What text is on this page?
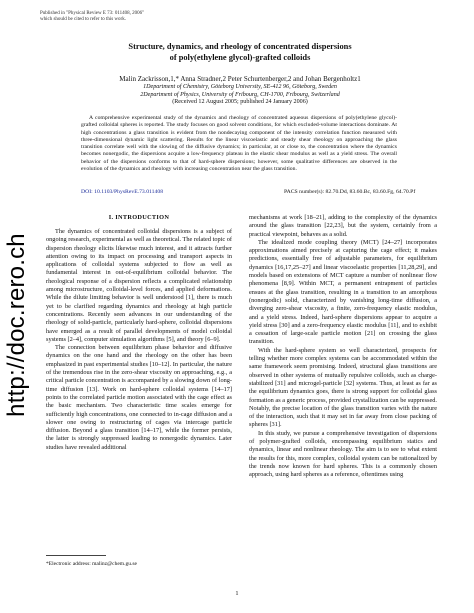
Published in "Physical Review E 73: 011408, 2006"
which should be cited to refer to this work.
http://doc.rero.ch
Structure, dynamics, and rheology of concentrated dispersions
of poly(ethylene glycol)-grafted colloids
Malin Zackrisson,1,* Anna Stradner,2 Peter Schurtenberger,2 and Johan Bergenholtz1
1Department of Chemistry, Göteborg University, SE-412 96, Göteborg, Sweden
2Department of Physics, University of Fribourg, CH-1700, Fribourg, Switzerland
(Received 12 August 2005; published 24 January 2006)
A comprehensive experimental study of the dynamics and rheology of concentrated aqueous dispersions of poly(ethylene glycol)-grafted colloidal spheres is reported. The study focuses on good solvent conditions, for which excluded-volume interactions dominate. At high concentrations a glass transition is evident from the nondecaying component of the intensity correlation function measured with three-dimensional dynamic light scattering. Results for the linear viscoelastic and steady shear rheology on approaching the glass transition correlate well with the slowing of the diffusive dynamics; in particular, at or close to, the concentration where the dynamics becomes nonergodic, the dispersions acquire a low-frequency plateau in the elastic shear modulus as well as a yield stress. The overall behavior of the dispersions conforms to that of hard-sphere dispersions; however, some qualitative differences are observed in the evolution of the dynamics and rheology with increasing concentration near the glass transition.
DOI: 10.1103/PhysRevE.73.011408	PACS number(s): 82.70.Dd, 83.60.Bc, 83.60.Fg, 64.70.Pf
I. INTRODUCTION

The dynamics of concentrated colloidal dispersions is a subject of ongoing research, experimental as well as theoretical. The related topic of dispersion rheology elicits likewise much interest, and it attracts further attention owing to its impact on processing and transport aspects in applications of colloidal systems subjected to flow as well as fundamental interest in out-of-equilibrium colloidal behavior. The rheological response of a dispersion reflects a complicated relationship among microstructure, colloidal-level forces, and applied deformations. While the dilute limiting behavior is well understood [1], there is much yet to be clarified regarding dynamics and rheology at high particle concentrations. Recently seen advances in our understanding of the rheology of solid-particle, particularly hard-sphere, colloidal dispersions have emerged as a result of parallel developments of model colloidal systems [2–4], computer simulation algorithms [5], and theory [6–9].

The connection between equilibrium phase behavior and diffusive dynamics on the one hand and the rheology on the other has been emphasized in past experimental studies [10–12]. In particular, the nature of the tremendous rise in the zero-shear viscosity on approaching, e.g., a critical particle concentration is accompanied by a slowing down of long-time diffusion [13]. Work on hard-sphere colloidal systems [14–17] points to the correlated particle motion associated with the cage effect as the basic mechanism. Two characteristic time scales emerge for sufficiently high concentrations, one connected to in-cage diffusion and a slower one owing to restructuring of cages via intercage particle diffusion. Beyond a glass transition [14–17], while the former persists, the latter is strongly suppressed leading to nonergodic dynamics. Later studies have revealed additional

mechanisms at work [18–21], adding to the complexity of the dynamics around the glass transition [22,23], but the system, certainly from a practical viewpoint, behaves as a solid.

The idealized mode coupling theory (MCT) [24–27] incorporates approximations aimed precisely at capturing the cage effect; it makes predictions, essentially free of adjustable parameters, for equilibrium dynamics [16,17,25–27] and linear viscoelastic properties [11,28,29], and models based on extensions of MCT capture a number of nonlinear flow phenomena [8,9]. Within MCT, a permanent entrapment of particles ensues at the glass transition, resulting in a transition to an amorphous (nonergodic) solid, characterized by vanishing long-time diffusion, a diverging zero-shear viscosity, a finite, zero-frequency elastic modulus, and a yield stress. Indeed, hard-sphere dispersions appear to acquire a yield stress [30] and a zero-frequency elastic modulus [11], and to exhibit a cessation of large-scale particle motion [21] on crossing the glass transition.

With the hard-sphere system so well characterized, prospects for telling whether more complex systems can be accommodated within the same framework seem promising. Indeed, structural glass transitions are observed in other systems of mutually repulsive colloids, such as charge-stabilized [31] and microgel-particle [32] systems. Thus, at least as far as the equilibrium dynamics goes, there is strong support for colloidal glass formation as a generic process, provided crystallization can be suppressed. Notably, the precise location of the glass transition varies with the nature of the interaction, such that it may set in far away from close packing of spheres [31].

In this study, we pursue a comprehensive investigation of dispersions of polymer-grafted colloids, encompassing equilibrium statics and dynamics, linear and nonlinear rheology. The aim is to see to what extent the results for this, more complex, colloidal system can be rationalized by the trends now known for hard spheres. This is a commonly chosen approach, using hard spheres as a reference, oftentimes using

*Electronic address: malinz@chem.gu.se
1
